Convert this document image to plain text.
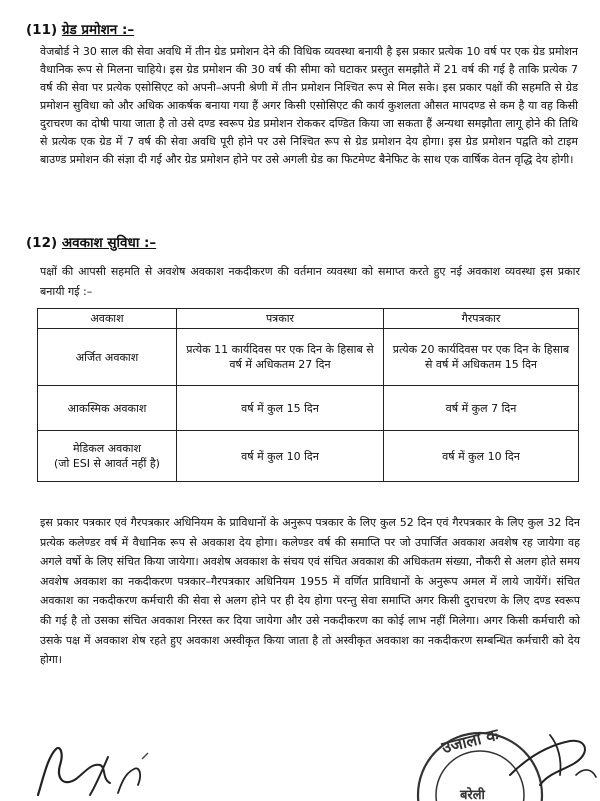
(11) ग्रेड प्रमोशन :–

वेजबोर्ड ने 30 साल की सेवा अवधि में तीन ग्रेड प्रमोशन देने की विधिक व्यवस्था बनायी है इस प्रकार प्रत्येक 10 वर्ष पर एक ग्रेड प्रमोशन वैधानिक रूप से मिलना चाहिये। इस ग्रेड प्रमोशन की 30 वर्ष की सीमा को घटाकर प्रस्तुत समझौते में 21 वर्ष की गई है ताकि प्रत्येक 7 वर्ष की सेवा पर प्रत्येक एसोसिएट को अपनी–अपनी श्रेणी में तीन प्रमोशन निश्चित रूप से मिल सके। इस प्रकार पक्षों की सहमति से ग्रेड प्रमोशन सुविधा को और अधिक आकर्षक बनाया गया हैं अगर किसी एसोसिएट की कार्य कुशलता औसत मापदण्ड से कम है या वह किसी दुराचरण का दोषी पाया जाता है तो उसे दण्ड स्वरूप ग्रेड प्रमोशन रोककर दण्डित किया जा सकता हैं अन्यथा समझौता लागू होने की तिथि से प्रत्येक एक ग्रेड में 7 वर्ष की सेवा अवधि पूरी होने पर उसे निश्चित रूप से ग्रेड प्रमोशन देय होगा। इस ग्रेड प्रमोशन पद्वति को टाइम बाउण्ड प्रमोशन की संज्ञा दी गई और ग्रेड प्रमोशन होने पर उसे अगली ग्रेड का फिटमेण्ट बैनेफिट के साथ एक वार्षिक वेतन वृद्धि देय होगी।

(12) अवकाश सुविधा :–

पक्षों की आपसी सहमति से अवशेष अवकाश नकदीकरण की वर्तमान व्यवस्था को समाप्त करते हुए नई अवकाश व्यवस्था इस प्रकार बनायी गई :–

अवकाश	पत्रकार	गैरपत्रकार
अर्जित अवकाश	प्रत्येक 11 कार्यदिवस पर एक दिन के हिसाब से वर्ष में अधिकतम 27 दिन	प्रत्येक 20 कार्यदिवस पर एक दिन के हिसाब से वर्ष में अधिकतम 15 दिन
आकस्मिक अवकाश	वर्ष में कुल 15 दिन	वर्ष में कुल 7 दिन

मेडिकल अवकाश
(जो ESI से आवर्त नहीं है)	वर्ष में कुल 10 दिन	वर्ष में कुल 10 दिन

इस प्रकार पत्रकार एवं गैरपत्रकार अधिनियम के प्राविधानों के अनुरूप पत्रकार के लिए कुल 52 दिन एवं गैरपत्रकार के लिए कुल 32 दिन प्रत्येक कलेण्डर वर्ष में वैधानिक रूप से अवकाश देय होगा। कलेण्डर वर्ष की समाप्ति पर जो उपार्जित अवकाश अवशेष रह जायेगा वह अगले वर्षो के लिए संचित किया जायेगा। अवशेष अवकाश के संचय एवं संचित अवकाश की अधिकतम संख्या, नौकरी से अलग होते समय अवशेष अवकाश का नकदीकरण पत्रकार–गैरपत्रकार अधिनियम 1955 में वर्णित प्राविधानों के अनुरूप अमल में लाये जायेंगें। संचित अवकाश का नकदीकरण कर्मचारी की सेवा से अलग होने पर ही देय होगा परन्तु सेवा समाप्ति अगर किसी दुराचरण के लिए दण्ड स्वरूप की गई है तो उसका संचित अवकाश निरस्त कर दिया जायेगा और उसे नकदीकरण का कोई लाभ नहीं मिलेगा। अगर किसी कर्मचारी को उसके पक्ष में अवकाश शेष रहते हुए अवकाश अस्वीकृत किया जाता है तो अस्वीकृत अवकाश का नकदीकरण सम्बन्धित कर्मचारी को देय होगा।

उजाला क
बरेली
